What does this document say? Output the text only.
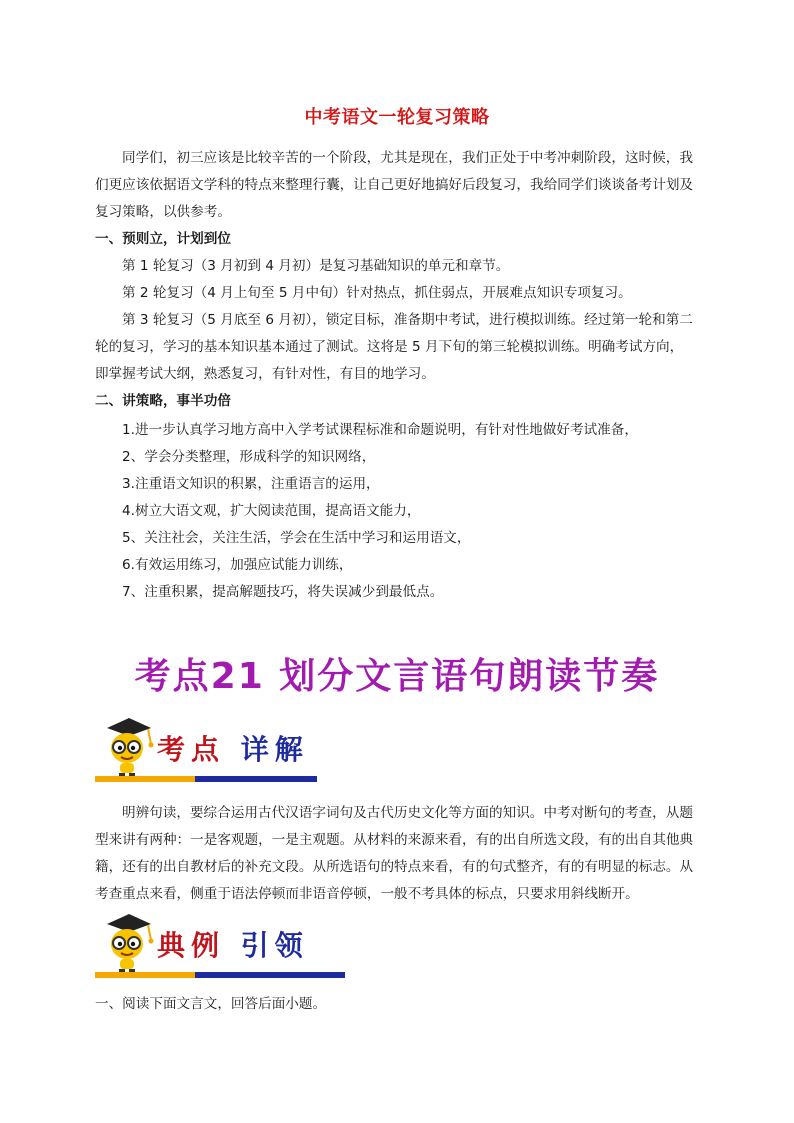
中考语文一轮复习策略

同学们，初三应该是比较辛苦的一个阶段，尤其是现在，我们正处于中考冲刺阶段，这时候，我们更应该依据语文学科的特点来整理行囊，让自己更好地搞好后段复习，我给同学们谈谈备考计划及复习策略，以供参考。

一、预则立，计划到位
第 1 轮复习（3 月初到 4 月初）是复习基础知识的单元和章节。
第 2 轮复习（4 月上旬至 5 月中旬）针对热点，抓住弱点，开展难点知识专项复习。

第 3 轮复习（5 月底至 6 月初），锁定目标，准备期中考试，进行模拟训练。经过第一轮和第二轮的复习，学习的基本知识基本通过了测试。这将是 5 月下旬的第三轮模拟训练。明确考试方向，即掌握考试大纲，熟悉复习，有针对性，有目的地学习。

二、讲策略，事半功倍
1.进一步认真学习地方高中入学考试课程标准和命题说明，有针对性地做好考试准备，
2、学会分类整理，形成科学的知识网络，
3.注重语文知识的积累，注重语言的运用，
4.树立大语文观，扩大阅读范围，提高语文能力，
5、关注社会，关注生活，学会在生活中学习和运用语文，
6.有效运用练习，加强应试能力训练，
7、注重积累，提高解题技巧，将失误减少到最低点。
考点21 划分文言语句朗读节奏
考点 详解

明辨句读，要综合运用古代汉语字词句及古代历史文化等方面的知识。中考对断句的考查，从题型来讲有两种：一是客观题，一是主观题。从材料的来源来看，有的出自所选文段，有的出自其他典籍，还有的出自教材后的补充文段。从所选语句的特点来看，有的句式整齐，有的有明显的标志。从考查重点来看，侧重于语法停顿而非语音停顿，一般不考具体的标点，只要求用斜线断开。

典例 引领
一、阅读下面文言文，回答后面小题。
